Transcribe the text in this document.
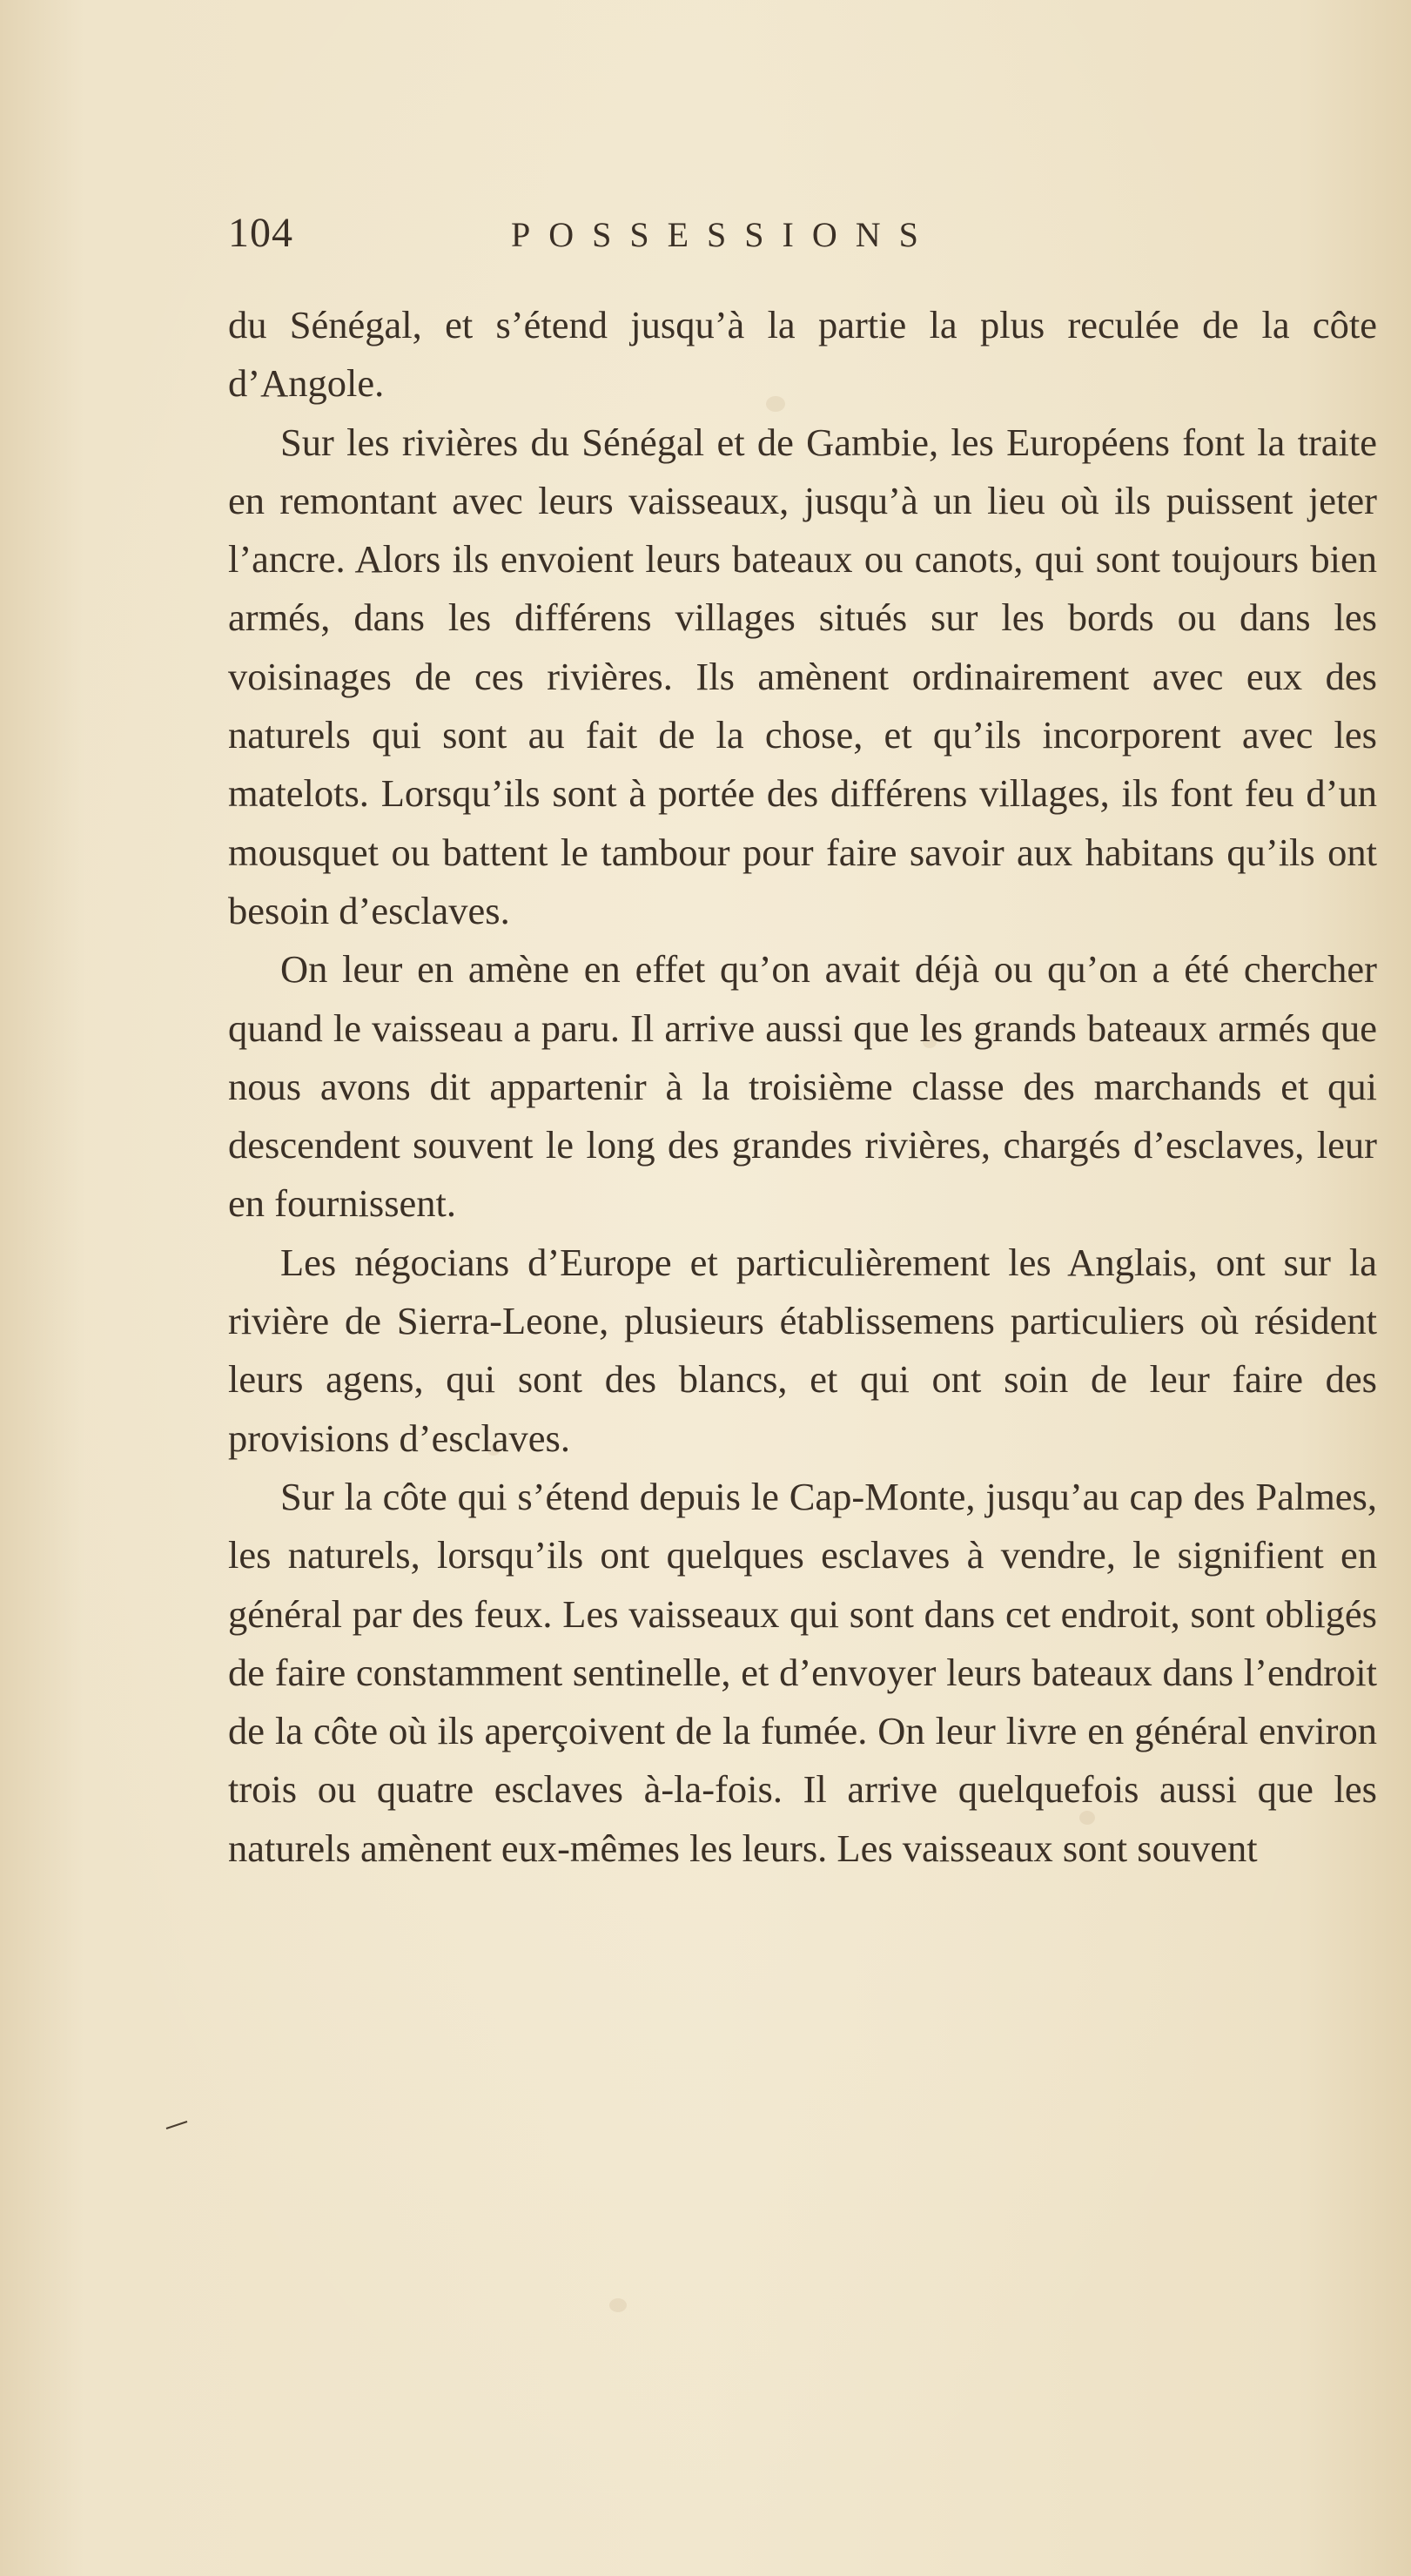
104	POSSESSIONS

du Sénégal, et s’étend jusqu’à la partie la plus reculée de la côte d’Angole.

Sur les rivières du Sénégal et de Gambie, les Européens font la traite en remontant avec leurs vaisseaux, jusqu’à un lieu où ils puissent jeter l’ancre. Alors ils envoient leurs bateaux ou canots, qui sont toujours bien armés, dans les différens villages situés sur les bords ou dans les voisinages de ces rivières. Ils amènent ordinairement avec eux des naturels qui sont au fait de la chose, et qu’ils incorporent avec les matelots. Lorsqu’ils sont à portée des différens villages, ils font feu d’un mousquet ou battent le tambour pour faire savoir aux habitans qu’ils ont besoin d’esclaves.

On leur en amène en effet qu’on avait déjà ou qu’on a été chercher quand le vaisseau a paru. Il arrive aussi que les grands bateaux armés que nous avons dit appartenir à la troisième classe des marchands et qui descendent souvent le long des grandes rivières, chargés d’esclaves, leur en fournissent.

Les négocians d’Europe et particulièrement les Anglais, ont sur la rivière de Sierra-Leone, plusieurs établissemens particuliers où résident leurs agens, qui sont des blancs, et qui ont soin de leur faire des provisions d’esclaves.

Sur la côte qui s’étend depuis le Cap-Monte, jusqu’au cap des Palmes, les naturels, lorsqu’ils ont quelques esclaves à vendre, le signifient en général par des feux. Les vaisseaux qui sont dans cet endroit, sont obligés de faire constamment sentinelle, et d’envoyer leurs bateaux dans l’endroit de la côte où ils aperçoivent de la fumée. On leur livre en général environ trois ou quatre esclaves à-la-fois. Il arrive quelquefois aussi que les naturels amènent eux-mêmes les leurs. Les vaisseaux sont souvent
